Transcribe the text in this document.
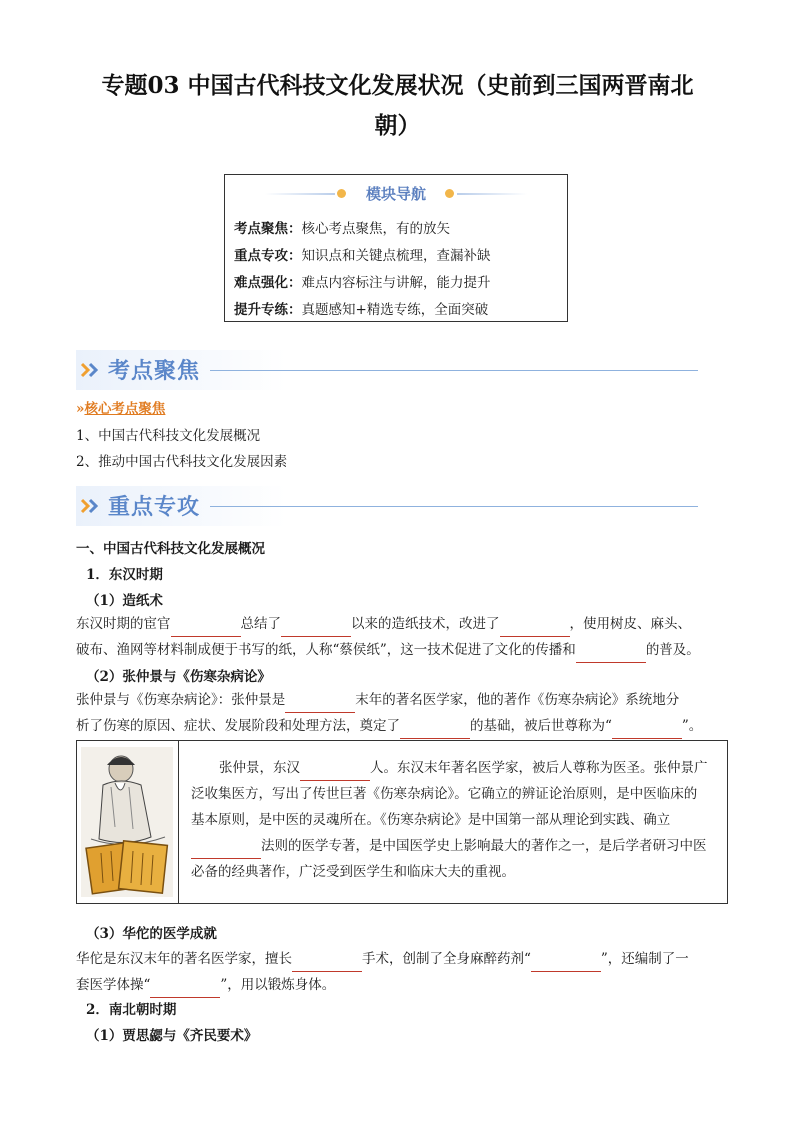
专题03 中国古代科技文化发展状况（史前到三国两晋南北
朝）
模块导航
考点聚焦：核心考点聚焦，有的放矢
重点专攻：知识点和关键点梳理，查漏补缺
难点强化：难点内容标注与讲解，能力提升
提升专练：真题感知+精选专练，全面突破
考点聚焦
»核心考点聚焦
1、中国古代科技文化发展概况
2、推动中国古代科技文化发展因素
重点专攻
一、中国古代科技文化发展概况
1．东汉时期
（1）造纸术
东汉时期的宦官	总结了	以来的造纸技术，改进了	，使用树皮、麻头、
破布、渔网等材料制成便于书写的纸，人称“蔡侯纸”，这一技术促进了文化的传播和	的普及。
（2）张仲景与《伤寒杂病论》
张仲景与《伤寒杂病论》：张仲景是	末年的著名医学家，他的著作《伤寒杂病论》系统地分
析了伤寒的原因、症状、发展阶段和处理方法，奠定了	的基础，被后世尊称为“	”。
张仲景，东汉	人。东汉末年著名医学家，被后人尊称为医圣。张仲景广
泛收集医方，写出了传世巨著《伤寒杂病论》。它确立的辨证论治原则，是中医临床的
基本原则，是中医的灵魂所在。《伤寒杂病论》是中国第一部从理论到实践、确立
法则的医学专著，是中国医学史上影响最大的著作之一，是后学者研习中医
必备的经典著作，广泛受到医学生和临床大夫的重视。
（3）华佗的医学成就
华佗是东汉末年的著名医学家，擅长	手术，创制了全身麻醉药剂“	”，还编制了一
套医学体操“	”，用以锻炼身体。
2．南北朝时期
（1）贾思勰与《齐民要术》
